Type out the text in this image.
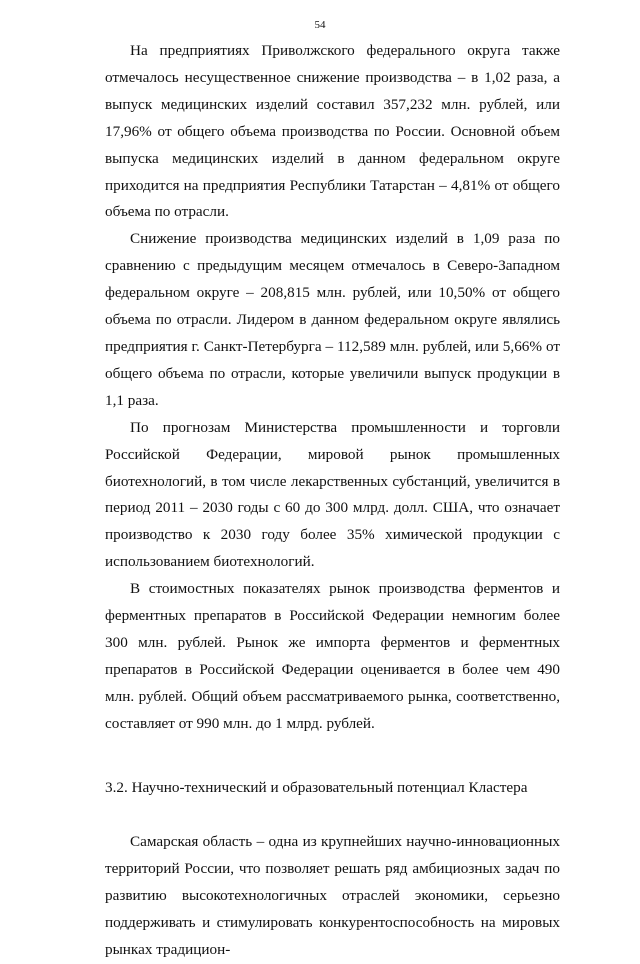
54

На предприятиях Приволжского федерального округа также отмечалось несущественное снижение производства – в 1,02 раза, а выпуск медицинских изделий составил 357,232 млн. рублей, или 17,96% от общего объема производства по России. Основной объем выпуска медицинских изделий в данном федеральном округе приходится на предприятия Республики Татарстан – 4,81% от общего объема по отрасли.

Снижение производства медицинских изделий в 1,09 раза по сравнению с предыдущим месяцем отмечалось в Северо-Западном федеральном округе – 208,815 млн. рублей, или 10,50% от общего объема по отрасли. Лидером в данном федеральном округе являлись предприятия г. Санкт-Петербурга – 112,589 млн. рублей, или 5,66% от общего объема по отрасли, которые увеличили выпуск продукции в 1,1 раза.

По прогнозам Министерства промышленности и торговли Российской Федерации, мировой рынок промышленных биотехнологий, в том числе лекарственных субстанций, увеличится в период 2011 – 2030 годы с 60 до 300 млрд. долл. США, что означает производство к 2030 году более 35% химической продукции с использованием биотехнологий.

В стоимостных показателях рынок производства ферментов и ферментных препаратов в Российской Федерации немногим более 300 млн. рублей. Рынок же импорта ферментов и ферментных препаратов в Российской Федерации оценивается в более чем 490 млн. рублей. Общий объем рассматриваемого рынка, соответственно, составляет от 990 млн. до 1 млрд. рублей.

3.2. Научно-технический и образовательный потенциал Кластера

Самарская область – одна из крупнейших научно-инновационных территорий России, что позволяет решать ряд амбициозных задач по развитию высокотехнологичных отраслей экономики, серьезно поддерживать и стимулировать конкурентоспособность на мировых рынках традицион-
